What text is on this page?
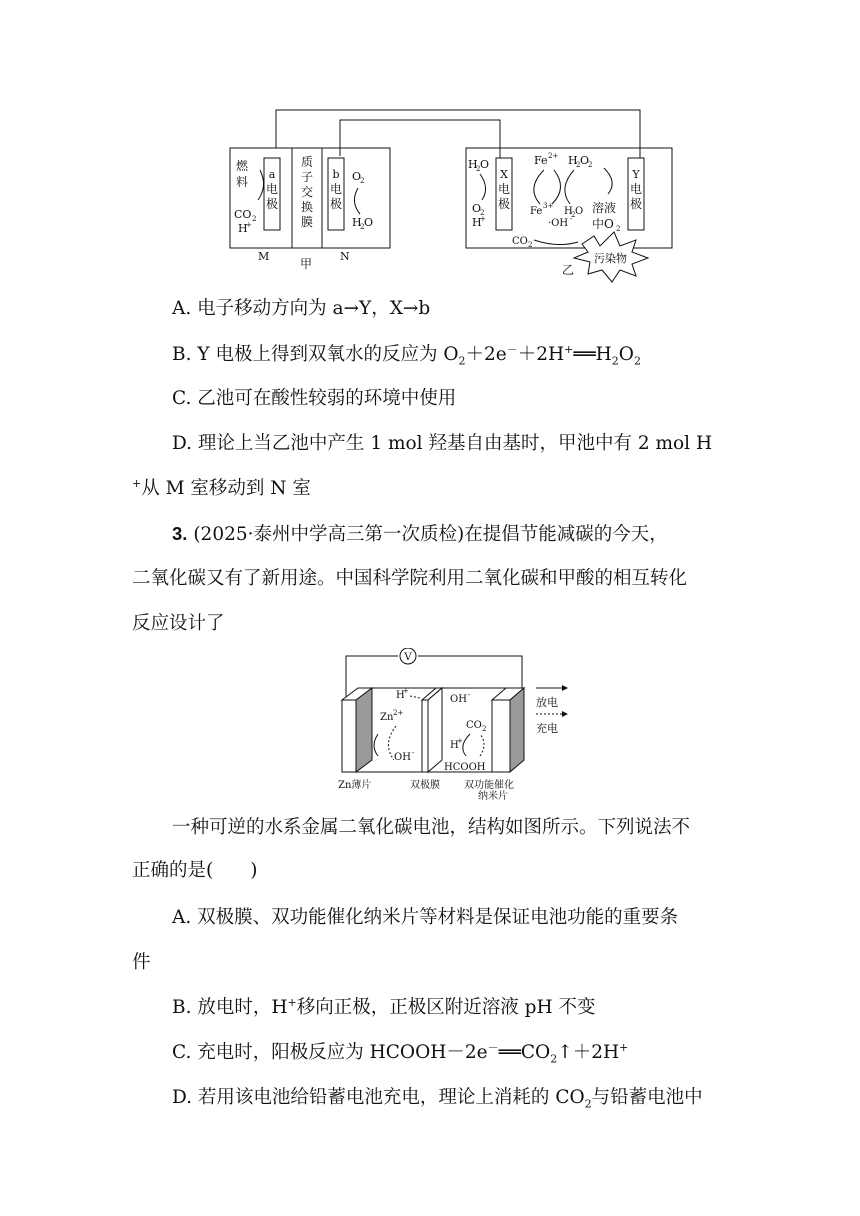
a
电
极
b
电
极
燃
料
CO 2
H
+
质
子
交
换
膜
O
2
H
2 O
M	N
甲
X
电
极
Y
电
极
H
2 O
O
2
H
+
Fe 2+
Fe 3+
H
2 O
2
H
2 O
·OH -
溶液
中O 2
CO 2
污染物
乙
A. 电子移动方向为 a→Y，X→b
B. Y 电极上得到双氧水的反应为 $O_2+2e^-+2H^+══H_2O_2$
C. 乙池可在酸性较弱的环境中使用
D. 理论上当乙池中产生 1 mol 羟基自由基时，甲池中有 2 mol H
+从 M 室移动到 N 室
3. (2025·泰州中学高三第一次质检)在提倡节能减碳的今天，
二氧化碳又有了新用途。中国科学院利用二氧化碳和甲酸的相互转化
反应设计了
V
H
+
Zn 2+
OH -
OH -
CO 2
H
+
HCOOH
放电
充电
Zn薄片	双极膜 双功能催化
纳米片
一种可逆的水系金属二氧化碳电池，结构如图所示。下列说法不
正确的是(　　)
A. 双极膜、双功能催化纳米片等材料是保证电池功能的重要条
件
B. 放电时，H+移向正极，正极区附近溶液 pH 不变
C. 充电时，阳极反应为 $HCOOH-2e^-══CO_2↑+2H^+$
D. 若用该电池给铅蓄电池充电，理论上消耗的 $CO_2$与铅蓄电池中
